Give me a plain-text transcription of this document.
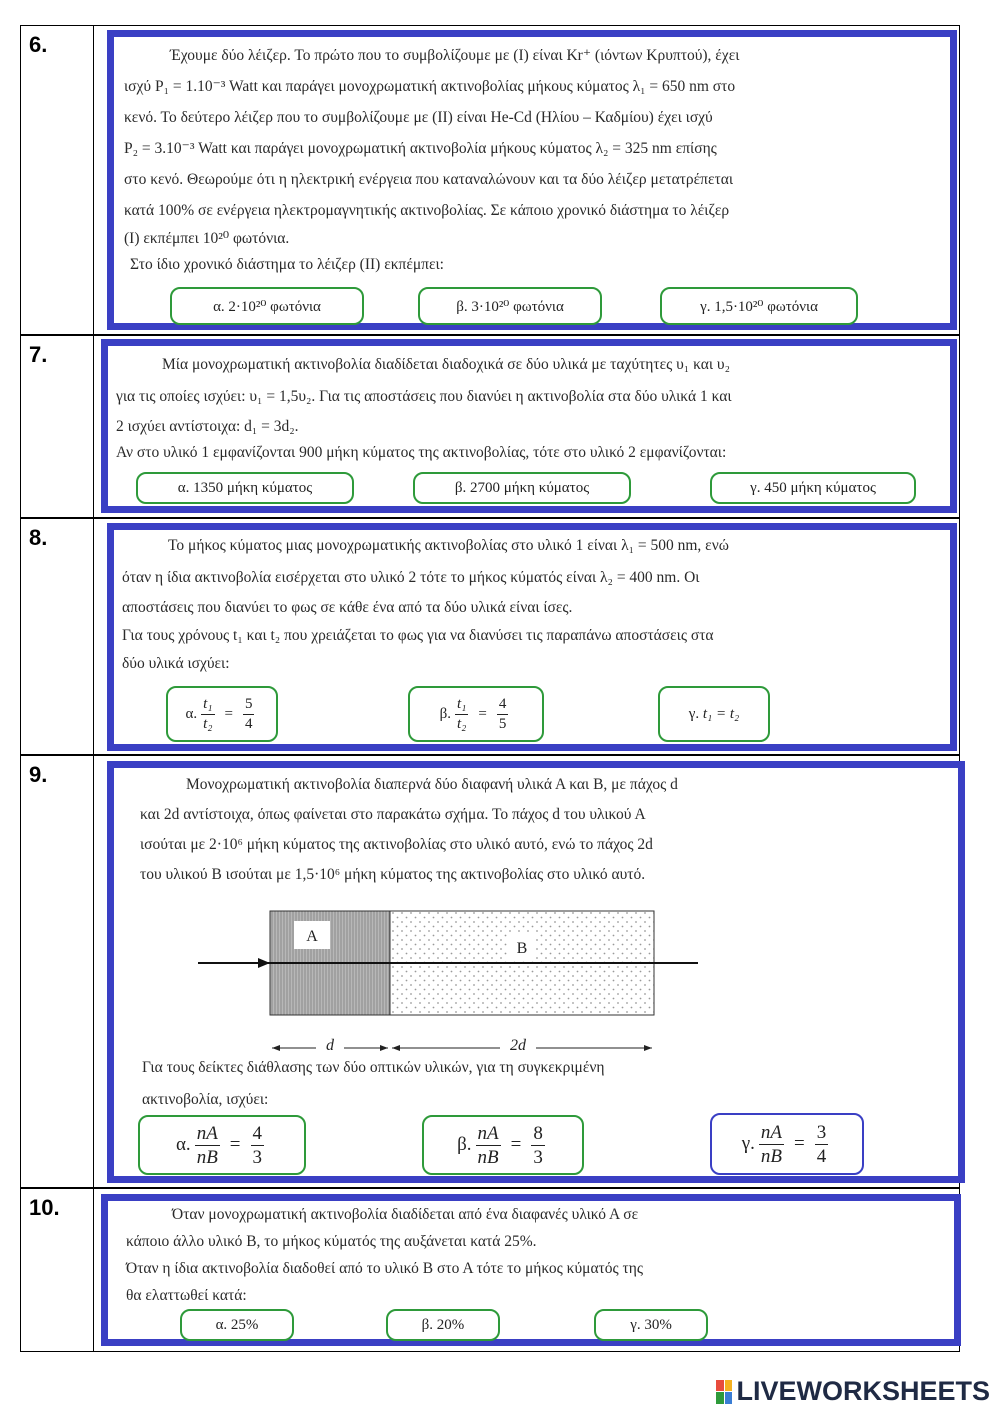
6.	Έχουμε δύο λέιζερ. Το πρώτο που το συμβολίζουμε με (Ι) είναι Kr⁺ (ιόντων Κρυπτού), έχει

ισχύ P₁ = 1.10⁻³ Watt και παράγει μονοχρωματική ακτινοβολίας μήκους κύματος λ₁ = 650 nm στο

κενό. Το δεύτερο λέιζερ που το συμβολίζουμε με (ΙΙ) είναι He-Cd (Ηλίου – Καδμίου) έχει ισχύ

P₂ = 3.10⁻³ Watt και παράγει μονοχρωματική ακτινοβολία μήκους κύματος λ₂ = 325 nm επίσης

στο κενό. Θεωρούμε ότι η ηλεκτρική ενέργεια που καταναλώνουν και τα δύο λέιζερ μετατρέπεται

κατά 100% σε ενέργεια ηλεκτρομαγνητικής ακτινοβολίας. Σε κάποιο χρονικό διάστημα το λέιζερ

(Ι) εκπέμπει 10²⁰ φωτόνια.

Στο ίδιο χρονικό διάστημα το λέιζερ (ΙΙ) εκπέμπει:

α. 2·10²⁰ φωτόνια	β. 3·10²⁰ φωτόνια	γ. 1,5·10²⁰ φωτόνια
7.	Μία μονοχρωματική ακτινοβολία διαδίδεται διαδοχικά σε δύο υλικά με ταχύτητες υ₁ και υ₂

για τις οποίες ισχύει: υ₁ = 1,5υ₂. Για τις αποστάσεις που διανύει η ακτινοβολία στα δύο υλικά 1 και

2 ισχύει αντίστοιχα: d₁ = 3d₂.

Αν στο υλικό 1 εμφανίζονται 900 μήκη κύματος της ακτινοβολίας, τότε στο υλικό 2 εμφανίζονται:

α. 1350 μήκη κύματος	β. 2700 μήκη κύματος	γ. 450 μήκη κύματος
8.	Το μήκος κύματος μιας μονοχρωματικής ακτινοβολίας στο υλικό 1 είναι λ₁ = 500 nm, ενώ

όταν η ίδια ακτινοβολία εισέρχεται στο υλικό 2 τότε το μήκος κύματός είναι λ₂ = 400 nm. Οι

αποστάσεις που διανύει το φως σε κάθε ένα από τα δύο υλικά είναι ίσες.

Για τους χρόνους t₁ και t₂ που χρειάζεται το φως για να διανύσει τις παραπάνω αποστάσεις στα

δύο υλικά ισχύει:

α. $\frac{\text{t₁}}{\text{t₂}} = \frac{5}{4}$	β. $\frac{\text{t₁}}{\text{t₂}} = \frac{4}{5}$	γ.
t₁ = t₂
9.	Μονοχρωματική ακτινοβολία διαπερνά δύο διαφανή υλικά Α και Β, με πάχος d

και 2d αντίστοιχα, όπως φαίνεται στο παρακάτω σχήμα. Το πάχος d του υλικού Α

ισούται με 2·10⁶ μήκη κύματος της ακτινοβολίας στο υλικό αυτό, ενώ το πάχος 2d

του υλικού Β ισούται με 1,5·10⁶ μήκη κύματος της ακτινοβολίας στο υλικό αυτό.

A
B
d	2d

Για τους δείκτες διάθλασης των δύο οπτικών υλικών, για τη συγκεκριμένη

ακτινοβολία, ισχύει:

α. $\frac{nA}{nB} = \frac{4}{3}$	β. $\frac{nA}{nB} = \frac{8}{3}$	γ. $\frac{nA}{nB} = \frac{3}{4}$
10.	Όταν μονοχρωματική ακτινοβολία διαδίδεται από ένα διαφανές υλικό Α σε

κάποιο άλλο υλικό Β, το μήκος κύματός της αυξάνεται κατά 25%.

Όταν η ίδια ακτινοβολία διαδοθεί από το υλικό Β στο Α τότε το μήκος κύματός της

θα ελαττωθεί κατά:

α. 25%	β. 20%	γ. 30%
LIVEWORKSHEETS
